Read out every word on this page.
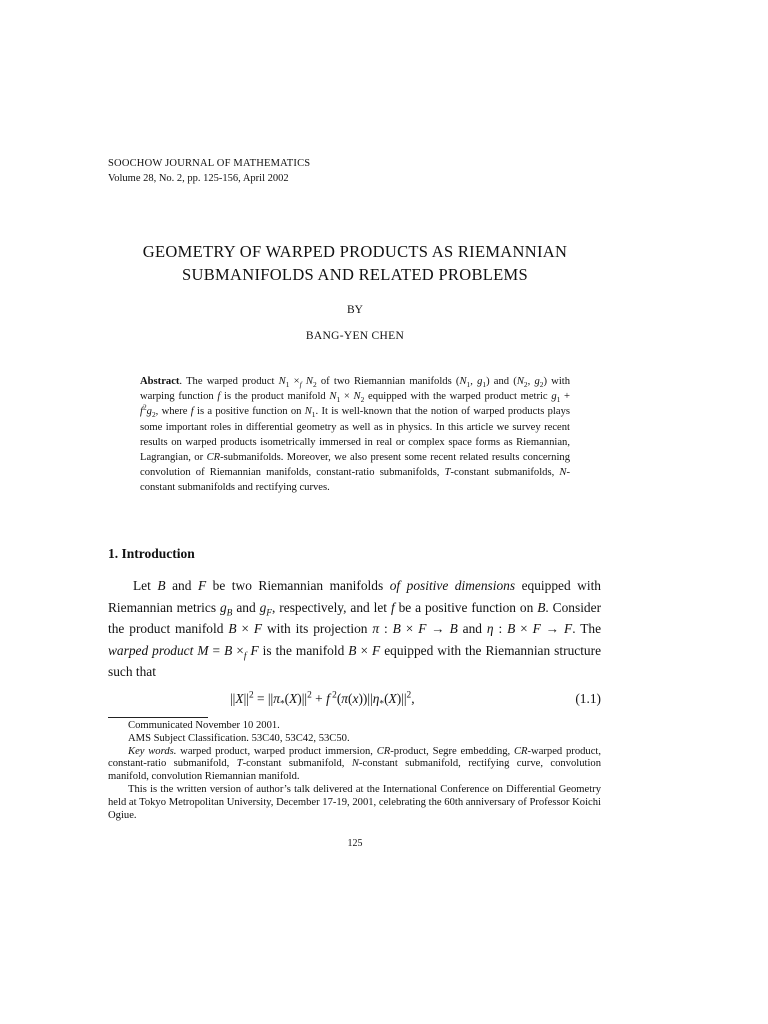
SOOCHOW JOURNAL OF MATHEMATICS
Volume 28, No. 2, pp. 125-156, April 2002
GEOMETRY OF WARPED PRODUCTS AS RIEMANNIAN
SUBMANIFOLDS AND RELATED PROBLEMS
BY
BANG-YEN CHEN
Abstract. The warped product $N_1 \times_f$ $N_2$ of two Riemannian manifolds ($N_1$, $g_1$) and ($N_2$, $g_2$) with warping function f is the product manifold $N_1 \times N_2$ equipped with the warped product metric $g_1 + f^2g_2$, where f is a positive function on $N_1$. It is well-known that the notion of warped products plays some important roles in differential geometry as well as in physics. In this article we survey recent results on warped products isometrically immersed in real or complex space forms as Riemannian, Lagrangian, or CR-submanifolds. Moreover, we also present some recent related results concerning convolution of Riemannian manifolds, constant-ratio submanifolds, T-constant submanifolds, N-constant submanifolds and rectifying curves.
1. Introduction

Let B and F be two Riemannian manifolds of positive dimensions equipped with Riemannian metrics $g_B$ and $g_F$, respectively, and let f be a positive function on B. Consider the product manifold B × F with its projection π : B × F → B and η : B × F → F. The warped product $M = B \times_f$ F is the manifold B × F equipped with the Riemannian structure such that

$||X||^2 = ||\pi_*(X)||^2 + f$ $^2(\pi(x))||\eta_*(X)||^2$,	(1.1)

Communicated November 10 2001.

AMS Subject Classification. 53C40, 53C42, 53C50.

Key words. warped product, warped product immersion, CR-product, Segre embedding, CR-warped product, constant-ratio submanifold, T-constant submanifold, N-constant submanifold, rectifying curve, convolution manifold, convolution Riemannian manifold.

This is the written version of author’s talk delivered at the International Conference on Differential Geometry held at Tokyo Metropolitan University, December 17-19, 2001, celebrating the 60th anniversary of Professor Koichi Ogiue.

125
